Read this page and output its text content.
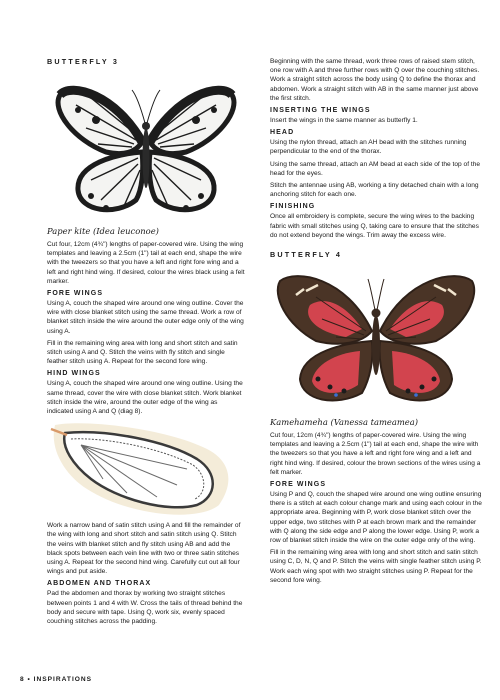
BUTTERFLY 3
Paper kite (Idea leuconoe)

Cut four, 12cm (4¾") lengths of paper-covered wire. Using the wing templates and leaving a 2.5cm (1") tail at each end, shape the wire with the tweezers so that you have a left and right fore wing and a left and right hind wing. If desired, colour the wires black using a felt marker.

FORE WINGS

Using A, couch the shaped wire around one wing outline. Cover the wire with close blanket stitch using the same thread. Work a row of blanket stitch inside the wire around the outer edge only of the wing using A.

Fill in the remaining wing area with long and short stitch and satin stitch using A and Q. Stitch the veins with fly stitch and single feather stitch using A. Repeat for the second fore wing.

HIND WINGS

Using A, couch the shaped wire around one wing outline. Using the same thread, cover the wire with close blanket stitch. Work blanket stitch inside the wire, around the outer edge of the wing as indicated using A and Q (diag 8).

Work a narrow band of satin stitch using A and fill the remainder of the wing with long and short stitch and satin stitch using Q. Stitch the veins with blanket stitch and fly stitch using AB and add the black spots between each vein line with two or three satin stitches using A. Repeat for the second hind wing. Carefully cut out all four wings and put aside.

ABDOMEN AND THORAX

Pad the abdomen and thorax by working two straight stitches between points 1 and 4 with W. Cross the tails of thread behind the body and secure with tape. Using Q, work six, evenly spaced couching stitches across the padding.

Beginning with the same thread, work three rows of raised stem stitch, one row with A and three further rows with Q over the couching stitches. Work a straight stitch across the body using Q to define the thorax and abdomen. Work a straight stitch with AB in the same manner just above the first stitch.

INSERTING THE WINGS

Insert the wings in the same manner as butterfly 1.

HEAD

Using the nylon thread, attach an AH bead with the stitches running perpendicular to the end of the thorax.

Using the same thread, attach an AM bead at each side of the top of the head for the eyes.

Stitch the antennae using AB, working a tiny detached chain with a long anchoring stitch for each one.

FINISHING

Once all embroidery is complete, secure the wing wires to the backing fabric with small stitches using Q, taking care to ensure that the stitches do not extend beyond the wings. Trim away the excess wire.

BUTTERFLY 4
Kamehameha (Vanessa tameamea)

Cut four, 12cm (4¾") lengths of paper-covered wire. Using the wing templates and leaving a 2.5cm (1") tail at each end, shape the wire with the tweezers so that you have a left and right fore wing and a left and right hind wing. If desired, colour the brown sections of the wires using a felt marker.

FORE WINGS

Using P and Q, couch the shaped wire around one wing outline ensuring there is a stitch at each colour change mark and using each colour in the appropriate area. Beginning with P, work close blanket stitch over the upper edge, two stitches with P at each brown mark and the remainder with Q along the side edge and P along the lower edge. Using P, work a row of blanket stitch inside the wire on the outer edge only of the wing.

Fill in the remaining wing area with long and short stitch and satin stitch using C, D, N, Q and P. Stitch the veins with single feather stitch using P. Work each wing spot with two straight stitches using P. Repeat for the second fore wing.

8 • INSPIRATIONS
